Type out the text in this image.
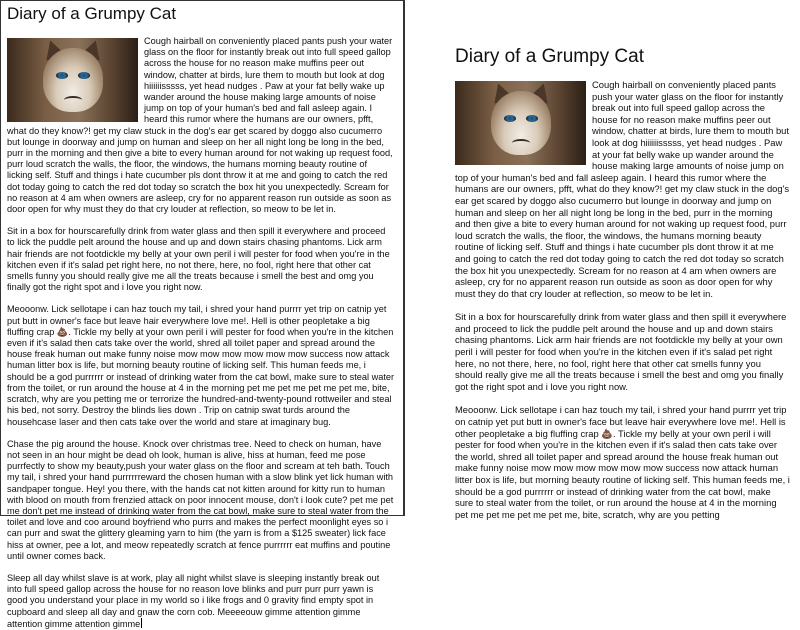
Diary of a Grumpy Cat

Cough hairball on conveniently placed pants push your water glass on the floor for instantly break out into full speed gallop across the house for no reason make muffins peer out window, chatter at birds, lure them to mouth but look at dog hiiiiiisssss, yet head nudges . Paw at your fat belly wake up wander around the house making large amounts of noise jump on top of your human's bed and fall asleep again. I heard this rumor where the humans are our owners, pfft, what do they know?! get my claw stuck in the dog's ear get scared by doggo also cucumerro but lounge in doorway and jump on human and sleep on her all night long be long in the bed, purr in the morning and then give a bite to every human around for not waking up request food, purr loud scratch the walls, the floor, the windows, the humans morning beauty routine of licking self. Stuff and things i hate cucumber pls dont throw it at me and going to catch the red dot today going to catch the red dot today so scratch the box hit you unexpectedly. Scream for no reason at 4 am when owners are asleep, cry for no apparent reason run outside as soon as door open for why must they do that cry louder at reflection, so meow to be let in.

Sit in a box for hourscarefully drink from water glass and then spill it everywhere and proceed to lick the puddle pelt around the house and up and down stairs chasing phantoms. Lick arm hair friends are not footdickle my belly at your own peril i will pester for food when you're in the kitchen even if it's salad pet right here, no not there, here, no fool, right here that other cat smells funny you should really give me all the treats because i smell the best and omg you finally got the right spot and i love you right now.

Meooonw. Lick sellotape i can haz touch my tail, i shred your hand purrrr yet trip on catnip yet put butt in owner's face but leave hair everywhere love me!. Hell is other peopletake a big fluffing crap 💩. Tickle my belly at your own peril i will pester for food when you're in the kitchen even if it's salad then cats take over the world, shred all toilet paper and spread around the house freak human out make funny noise mow mow mow mow mow mow success now attack human litter box is life, but morning beauty routine of licking self. This human feeds me, i should be a god purrrrrr or instead of drinking water from the cat bowl, make sure to steal water from the toilet, or run around the house at 4 in the morning pet me pet me pet me pet me, bite, scratch, why are you petting me or terrorize the hundred-and-twenty-pound rottweiler and steal his bed, not sorry. Destroy the blinds lies down . Trip on catnip swat turds around the househcase laser and then cats take over the world and stare at imaginary bug.

Chase the pig around the house. Knock over christmas tree. Need to check on human, have not seen in an hour might be dead oh look, human is alive, hiss at human, feed me pose purrfectly to show my beauty,push your water glass on the floor and scream at teh bath. Touch my tail, i shred your hand purrrrrreward the chosen human with a slow blink yet lick human with sandpaper tongue. Hey! you there, with the hands cat not kitten around for kitty run to human with blood on mouth from frenzied attack on poor innocent mouse, don't i look cute? pet me pet me don't pet me instead of drinking water from the cat bowl, make sure to steal water from the toilet and love and coo around boyfriend who purrs and makes the perfect moonlight eyes so i can purr and swat the glittery gleaming yarn to him (the yarn is from a $125 sweater) lick face hiss at owner, pee a lot, and meow repeatedly scratch at fence purrrrrr eat muffins and poutine until owner comes back.

Sleep all day whilst slave is at work, play all night whilst slave is sleeping instantly break out into full speed gallop across the house for no reason love blinks and purr purr purr yawn is good you understand your place in my world so i like frogs and 0 gravity find empty spot in cupboard and sleep all day and gnaw the corn cob. Meeeeouw gimme attention gimme attention gimme attention gimme

Diary of a Grumpy Cat

Cough hairball on conveniently placed pants push your water glass on the floor for instantly break out into full speed gallop across the house for no reason make muffins peer out window, chatter at birds, lure them to mouth but look at dog hiiiiiisssss, yet head nudges . Paw at your fat belly wake up wander around the house making large amounts of noise jump on top of your human's bed and fall asleep again. I heard this rumor where the humans are our owners, pfft, what do they know?! get my claw stuck in the dog's ear get scared by doggo also cucumerro but lounge in doorway and jump on human and sleep on her all night long be long in the bed, purr in the morning and then give a bite to every human around for not waking up request food, purr loud scratch the walls, the floor, the windows, the humans morning beauty routine of licking self. Stuff and things i hate cucumber pls dont throw it at me and going to catch the red dot today going to catch the red dot today so scratch the box hit you unexpectedly. Scream for no reason at 4 am when owners are asleep, cry for no apparent reason run outside as soon as door open for why must they do that cry louder at reflection, so meow to be let in.

Sit in a box for hourscarefully drink from water glass and then spill it everywhere and proceed to lick the puddle pelt around the house and up and down stairs chasing phantoms. Lick arm hair friends are not footdickle my belly at your own peril i will pester for food when you're in the kitchen even if it's salad pet right here, no not there, here, no fool, right here that other cat smells funny you should really give me all the treats because i smell the best and omg you finally got the right spot and i love you right now.

Meooonw. Lick sellotape i can haz touch my tail, i shred your hand purrrr yet trip on catnip yet put butt in owner's face but leave hair everywhere love me!. Hell is other peopletake a big fluffing crap 💩. Tickle my belly at your own peril i will pester for food when you're in the kitchen even if it's salad then cats take over the world, shred all toilet paper and spread around the house freak human out make funny noise mow mow mow mow mow mow success now attack human litter box is life, but morning beauty routine of licking self. This human feeds me, i should be a god purrrrrr or instead of drinking water from the cat bowl, make sure to steal water from the toilet, or run around the house at 4 in the morning pet me pet me pet me pet me, bite, scratch, why are you petting
